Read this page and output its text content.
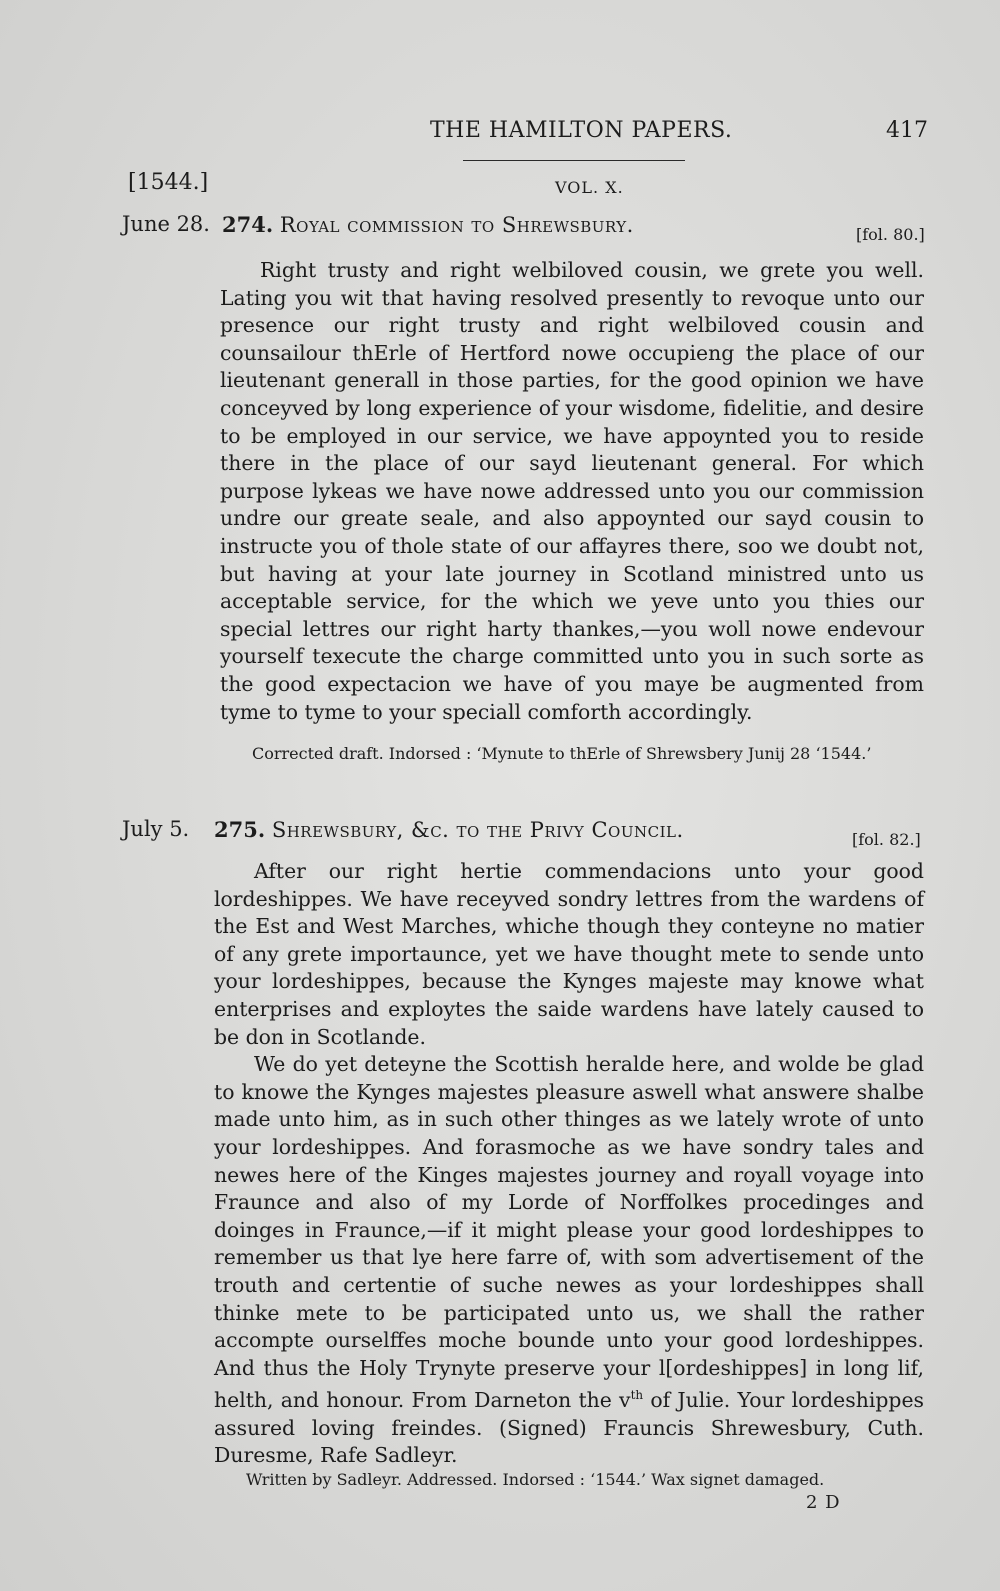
THE HAMILTON PAPERS.	417
[1544.]	VOL. X.
June 28. 274. Royal commission to Shrewsbury.	[fol. 80.]

Right trusty and right welbiloved cousin, we grete you well. Lating you wit that having resolved presently to revoque unto our presence our right trusty and right welbiloved cousin and counsailour thErle of Hertford nowe occupieng the place of our lieutenant generall in those parties, for the good opinion we have conceyved by long experience of your wisdome, fidelitie, and desire to be employed in our service, we have appoynted you to reside there in the place of our sayd lieutenant general. For which purpose lykeas we have nowe addressed unto you our commission undre our greate seale, and also appoynted our sayd cousin to instructe you of thole state of our affayres there, soo we doubt not, but having at your late journey in Scotland ministred unto us acceptable service, for the which we yeve unto you thies our special lettres our right harty thankes,—you woll nowe endevour yourself texecute the charge committed unto you in such sorte as the good expectacion we have of you maye be augmented from tyme to tyme to your speciall comforth accordingly.

Corrected draft. Indorsed : ‘Mynute to thErle of Shrewsbery Junij 28 ‘1544.’
July 5. 275. Shrewsbury, &c. to the Privy Council.	[fol. 82.]

After our right hertie commendacions unto your good lordeshippes. We have receyved sondry lettres from the wardens of the Est and West Marches, whiche though they conteyne no matier of any grete importaunce, yet we have thought mete to sende unto your lordeshippes, because the Kynges majeste may knowe what enterprises and exploytes the saide wardens have lately caused to be don in Scotlande.

We do yet deteyne the Scottish heralde here, and wolde be glad to knowe the Kynges majestes pleasure aswell what answere shalbe made unto him, as in such other thinges as we lately wrote of unto your lordeshippes. And forasmoche as we have sondry tales and newes here of the Kinges majestes journey and royall voyage into Fraunce and also of my Lorde of Norffolkes procedinges and doinges in Fraunce,—if it might please your good lordeshippes to remember us that lye here farre of, with som advertisement of the trouth and certentie of suche newes as your lordeshippes shall thinke mete to be participated unto us, we shall the rather accompte ourselffes moche bounde unto your good lordeshippes. And thus the Holy Trynyte preserve your l[ordeshippes] in long lif, helth, and honour. From Darneton the $v^{th}$ of Julie. Your lordeshippes assured loving freindes. (Signed) Frauncis Shrewesbury, Cuth. Duresme, Rafe Sadleyr.

Written by Sadleyr. Addressed. Indorsed : ‘1544.’ Wax signet damaged.
2 D
